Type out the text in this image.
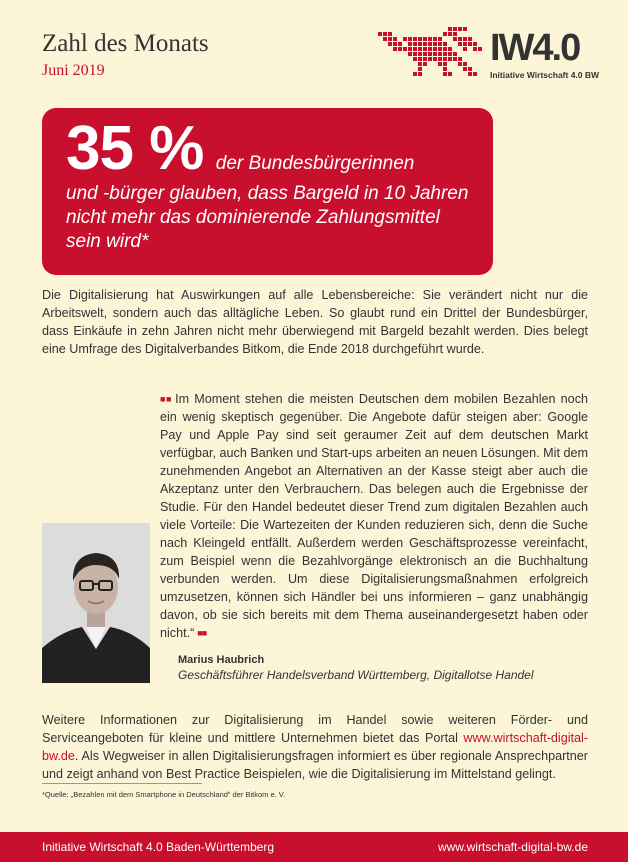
Zahl des Monats
Juni 2019
IW4.0
Initiative Wirtschaft 4.0 BW
35 % der Bundesbürgerinnen
und -bürger glauben, dass Bargeld in 10 Jahren nicht mehr das dominierende Zahlungsmittel sein wird*

Die Digitalisierung hat Auswirkungen auf alle Lebensbereiche: Sie verändert nicht nur die Arbeitswelt, sondern auch das alltägliche Leben. So glaubt rund ein Drittel der Bundesbürger, dass Einkäufe in zehn Jahren nicht mehr überwiegend mit Bargeld bezahlt werden. Dies belegt eine Umfrage des Digitalverbandes Bitkom, die Ende 2018 durchgeführt wurde.

■■ Im Moment stehen die meisten Deutschen dem mobilen Bezahlen noch ein wenig skeptisch gegenüber. Die Angebote dafür steigen aber: Google Pay und Apple Pay sind seit geraumer Zeit auf dem deutschen Markt verfügbar, auch Banken und Start-ups arbeiten an neuen Lösungen. Mit dem zunehmenden Angebot an Alternativen an der Kasse steigt aber auch die Akzeptanz unter den Verbrauchern. Das belegen auch die Ergebnisse der Studie. Für den Handel bedeutet dieser Trend zum digitalen Bezahlen auch viele Vorteile: Die Wartezeiten der Kunden reduzieren sich, denn die Suche nach Kleingeld entfällt. Außerdem werden Geschäftsprozesse vereinfacht, zum Beispiel wenn die Bezahlvorgänge elektronisch an die Buchhaltung verbunden werden. Um diese Digitalisierungsmaßnahmen erfolgreich umzusetzen, können sich Händler bei uns informieren – ganz unabhängig davon, ob sie sich bereits mit dem Thema auseinandergesetzt haben oder nicht.“ ■■
Marius Haubrich
Geschäftsführer Handelsverband Württemberg, Digitallotse Handel

Weitere Informationen zur Digitalisierung im Handel sowie weiteren Förder- und Serviceangeboten für kleine und mittlere Unternehmen bietet das Portal www.wirtschaft-digital-bw.de. Als Wegweiser in allen Digitalisierungsfragen informiert es über regionale Ansprechpartner und zeigt anhand von Best Practice Beispielen, wie die Digitalisierung im Mittelstand gelingt.

*Quelle: „Bezahlen mit dem Smartphone in Deutschland“ der Bitkom e. V.
Initiative Wirtschaft 4.0 Baden-Württemberg	www.wirtschaft-digital-bw.de
